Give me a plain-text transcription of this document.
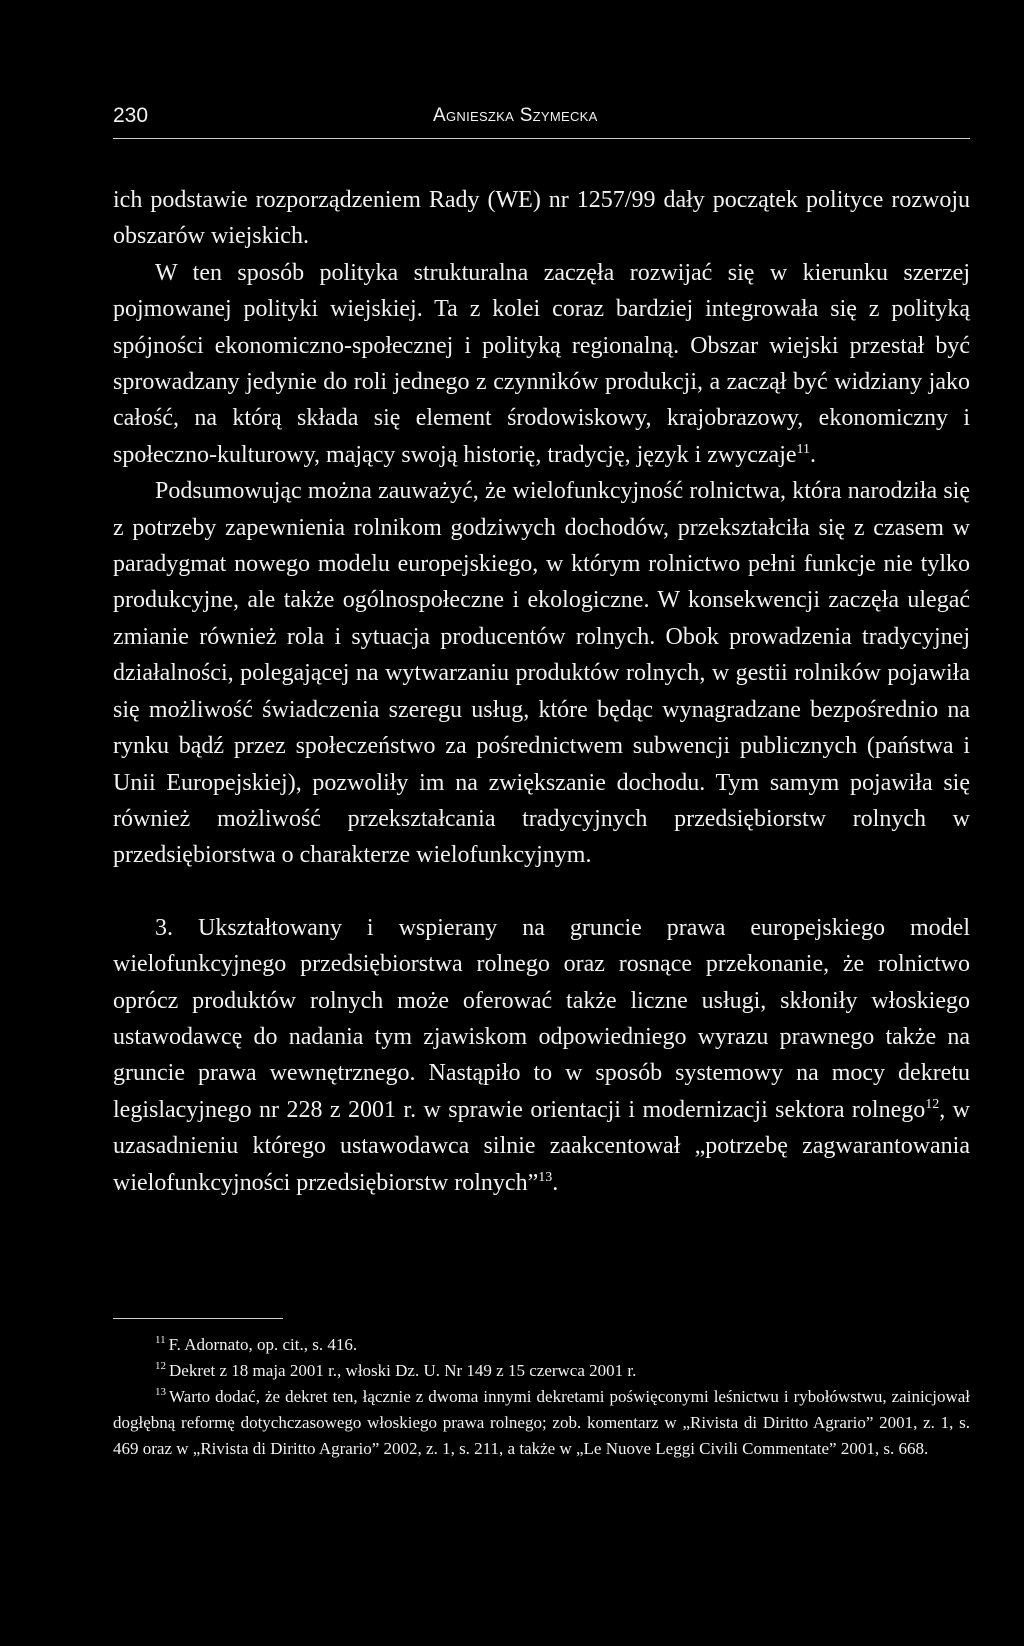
230	Agnieszka Szymecka

ich podstawie rozporządzeniem Rady (WE) nr 1257/99 dały początek polityce rozwoju obszarów wiejskich.

W ten sposób polityka strukturalna zaczęła rozwijać się w kierunku szerzej pojmowanej polityki wiejskiej. Ta z kolei coraz bardziej integrowała się z polityką spójności ekonomiczno-społecznej i polityką regionalną. Obszar wiejski przestał być sprowadzany jedynie do roli jednego z czynników produkcji, a zaczął być widziany jako całość, na którą składa się element środowiskowy, krajobrazowy, ekonomiczny i społeczno-kulturowy, mający swoją historię, tradycję, język i zwyczaje$^{11}$.

Podsumowując można zauważyć, że wielofunkcyjność rolnictwa, która narodziła się z potrzeby zapewnienia rolnikom godziwych dochodów, przekształciła się z czasem w paradygmat nowego modelu europejskiego, w którym rolnictwo pełni funkcje nie tylko produkcyjne, ale także ogólnospołeczne i ekologiczne. W konsekwencji zaczęła ulegać zmianie również rola i sytuacja producentów rolnych. Obok prowadzenia tradycyjnej działalności, polegającej na wytwarzaniu produktów rolnych, w gestii rolników pojawiła się możliwość świadczenia szeregu usług, które będąc wynagradzane bezpośrednio na rynku bądź przez społeczeństwo za pośrednictwem subwencji publicznych (państwa i Unii Europejskiej), pozwoliły im na zwiększanie dochodu. Tym samym pojawiła się również możliwość przekształcania tradycyjnych przedsiębiorstw rolnych w przedsiębiorstwa o charakterze wielofunkcyjnym.

3. Ukształtowany i wspierany na gruncie prawa europejskiego model wielofunkcyjnego przedsiębiorstwa rolnego oraz rosnące przekonanie, że rolnictwo oprócz produktów rolnych może oferować także liczne usługi, skłoniły włoskiego ustawodawcę do nadania tym zjawiskom odpowiedniego wyrazu prawnego także na gruncie prawa wewnętrznego. Nastąpiło to w sposób systemowy na mocy dekretu legislacyjnego nr 228 z 2001 r. w sprawie orientacji i modernizacji sektora rolnego$^{12}$, w uzasadnieniu którego ustawodawca silnie zaakcentował „potrzebę zagwarantowania wielofunkcyjności przedsiębiorstw rolnych”$^{13}$.

$^{11}$ F. Adornato, op. cit., s. 416.

$^{12}$ Dekret z 18 maja 2001 r., włoski Dz. U. Nr 149 z 15 czerwca 2001 r.

$^{13}$ Warto dodać, że dekret ten, łącznie z dwoma innymi dekretami poświęconymi leśnictwu i rybołówstwu, zainicjował dogłębną reformę dotychczasowego włoskiego prawa rolnego; zob. komentarz w „Rivista di Diritto Agrario” 2001, z. 1, s. 469 oraz w „Rivista di Diritto Agrario” 2002, z. 1, s. 211, a także w „Le Nuove Leggi Civili Commentate” 2001, s. 668.
